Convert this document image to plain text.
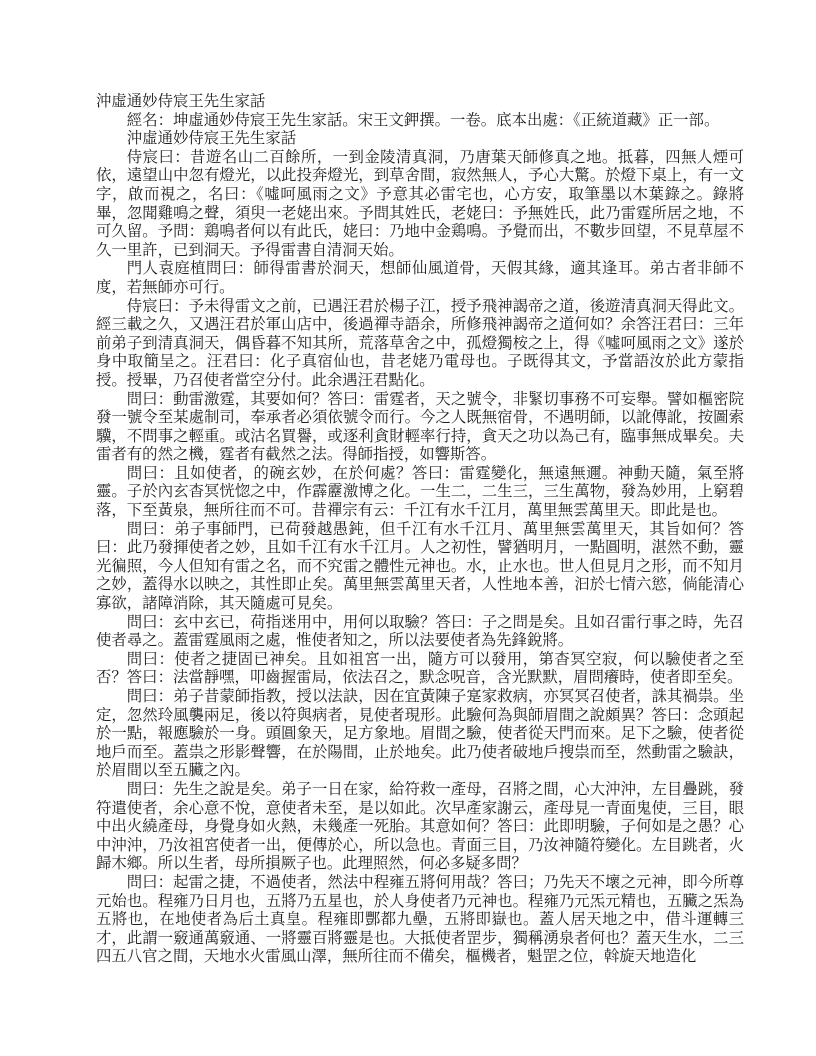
沖虛通妙侍宸王先生家話

經名：坤虛通妙侍宸王先生家話。宋王文鉀撰。一卷。底本出處：《正統道藏》正一部。

沖虛通妙侍宸王先生家話

侍宸曰：昔遊名山二百餘所，一到金陵清真洞，乃唐葉天師修真之地。抵暮，四無人煙可依，遠望山中忽有燈光，以此投奔燈光，到草舍間，寂然無人，予心大驚。於燈下桌上，有一文字，啟而視之，名曰：《噓呵風雨之文》予意其必雷宅也，心方安，取筆墨以木葉錄之。錄將畢，忽聞雞鳴之聲，須臾一老姥出來。予問其姓氏，老姥曰：予無姓氏，此乃雷霆所居之地，不可久留。予問：鶏鳴者何以有此氏，姥曰：乃地中金鶏鳴。予覺而出，不數步回望，不見草屋不久一里許，已到洞天。予得雷書自清洞天始。

門人袁庭植問曰：師得雷書於洞天，想師仙風道骨，天假其緣，適其逢耳。弟古者非師不度，若無師亦可行。

侍宸曰：予未得雷文之前，已遇汪君於楊子江，授予飛神謁帝之道，後遊清真洞天得此文。經三載之久，又遇汪君於軍山店中，後過禪寺語余，所修飛神謁帝之道何如？余答汪君曰：三年前弟子到清真洞天，偶昏暮不知其所，荒落草舍之中，孤燈獨桉之上，得《噓呵風雨之文》遂於身中取簡呈之。汪君曰：化子真宿仙也，昔老姥乃電母也。子既得其文，予當語汝於此方蒙指授。授畢，乃召使者當空分付。此余遇汪君點化。

問曰：動雷激霆，其要如何？答曰：雷霆者，天之號令，非緊切事務不可妄舉。譬如樞密院發一號令至某處制司，奉承者必須依號令而行。今之人既無宿骨，不遇明師，以訛傳訛，按圖索驥，不問事之輕重。或沽名買譽，或逐利貪財輕率行持，貪天之功以為己有，臨事無成畢矣。夫雷者有的然之機，霆者有截然之法。得師指授，如響斯答。

問曰：且如使者，的碗玄妙，在於何處？答曰：雷霆變化，無遠無邇。神動天隨，氣至將靈。子於內玄杳冥恍惚之中，作霹靂激博之化。一生二，二生三，三生萬物，發為妙用，上窮碧落，下至黃泉，無所往而不可。昔禪宗有云：千江有水千江月，萬里無雲萬里天。即此是也。

問曰：弟子事師門，已荷發越愚鈍，但千江有水千江月、萬里無雲萬里天，其旨如何？答曰：此乃發揮使者之妙，且如千江有水千江月。人之初性，譬猶明月，一點圓明，湛然不動，靈光徧照，今人但知有雷之名，而不究雷之體性元神也。水，止水也。世人但見月之形，而不知月之妙，蓋得水以映之，其性即止矣。萬里無雲萬里天者，人性地本善，汩於七情六慾，倘能清心寡欲，諸障消除，其天隨處可見矣。

問曰：玄中玄已，荷指迷用中，用何以取驗？答曰：子之問是矣。且如召雷行事之時，先召使者尋之。蓋雷霆風雨之處，惟使者知之，所以法要使者為先鋒銳將。

問曰：使者之捷固已神矣。且如祖宮一出，隨方可以發用，第杳冥空寂，何以驗使者之至否？答曰：法當靜嘿，叩齒握雷局，依法召之，默念呪音，含光默默，眉問癢時，使者即至矣。

問曰：弟子昔蒙師指教，授以法訣，因在宜黃陳子寔家救病，亦冥冥召使者，誅其禍祟。坐定，忽然玲風襲兩足，後以符與病者，見使者現形。此驗何為與師眉間之說頗異？答曰：念頭起於一點，報應驗於一身。頭圓象天，足方象地。眉間之驗，使者從天門而來。足下之驗，使者從地戶而至。蓋祟之形影聲響，在於陽間，止於地矣。此乃使者破地戶搜祟而至，然動雷之驗訣，於眉間以至五臟之內。

問曰：先生之說是矣。弟子一日在家，給符救一產母，召將之間，心大沖沖，左目疊跳，發符遣使者，余心意不悅，意使者未至，是以如此。次早產家謝云，產母見一青面鬼使，三目，眼中出火繞產母，身覺身如火熱，未幾產一死胎。其意如何？答曰：此即明驗，子何如是之愚？心中沖沖，乃汝祖宮使者一出，便傳於心，所以急也。青面三目，乃汝神隨符變化。左目跳者，火歸木鄉。所以生者，母所損厥子也。此理照然，何必多疑多問？

問曰：起雷之捷，不過使者，然法中程雍五將何用哉？答曰；乃先天不壞之元神，即今所尊元始也。程雍乃日月也，五將乃五星也，於人身使者乃元神也。程雍乃元炁元精也，五臟之炁為五將也，在地使者為后土真皇。程雍即酆都九壘，五將即嶽也。蓋人居天地之中，借斗運轉三才，此謂一竅通萬竅通、一將靈百將靈是也。大抵使者罡步，獨稱湧泉者何也？蓋天生水，二三四五八官之間，天地水火雷風山澤，無所往而不備矣，樞機者，魁罡之位，斡旋天地造化
